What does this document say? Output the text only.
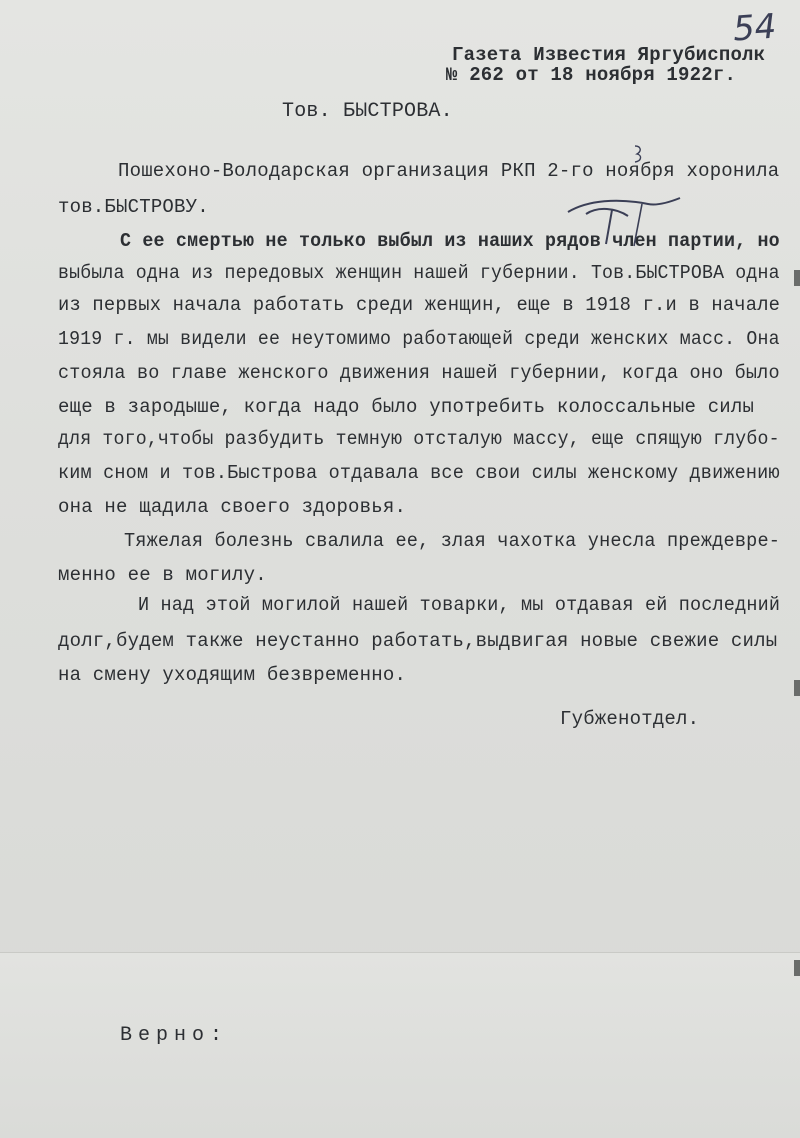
54
Газета Известия Яргубисполк
№ 262 от 18 ноября 1922г.
Тов. БЫСТРОВА.
Пошехоно-Володарская организация РКП 2-го ноября хоронила
тов.БЫСТРОВУ.
С ее смертью не только выбыл из наших рядов член партии, но
выбыла одна из передовых женщин нашей губернии. Тов.БЫСТРОВА одна
из первых начала работать среди женщин, еще в 1918 г.и в начале
1919 г. мы видели ее неутомимо работающей среди женских масс. Она
стояла во главе женского движения нашей губернии, когда оно было
еще в зародыше, когда надо было употребить колоссальные силы
для того,чтобы разбудить темную отсталую массу, еще спящую глубо-
ким сном и тов.Быстрова отдавала все свои силы женскому движению
она не щадила своего здоровья.
Тяжелая болезнь свалила ее, злая чахотка унесла преждевре-
менно ее в могилу.
И над этой могилой нашей товарки, мы отдавая ей последний
долг,будем также неустанно работать,выдвигая новые свежие силы
на смену уходящим безвременно.
Губженотдел.
Верно:
